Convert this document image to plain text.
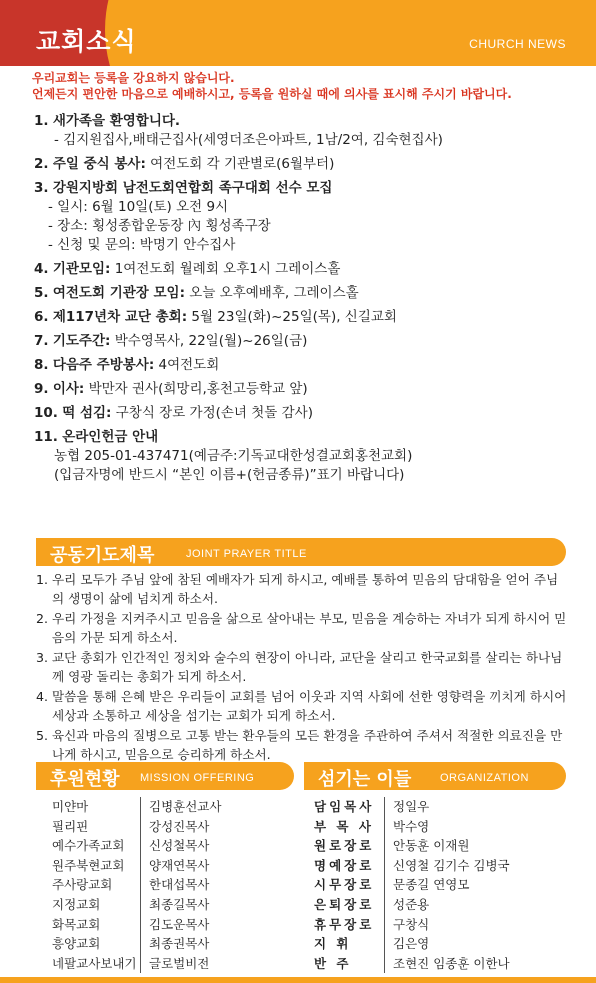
교회소식	CHURCH NEWS
우리교회는 등록을 강요하지 않습니다.
언제든지 편안한 마음으로 예배하시고, 등록을 원하실 때에 의사를 표시해 주시기 바랍니다.
1. 새가족을 환영합니다.
- 김지원집사,배태근집사(세영더조은아파트, 1남/2여, 김숙현집사)
2. 주일 중식 봉사: 여전도회 각 기관별로(6월부터)
3. 강원지방회 남전도회연합회 족구대회 선수 모집
- 일시: 6월 10일(토) 오전 9시
- 장소: 횡성종합운동장 內 횡성족구장
- 신청 및 문의: 박명기 안수집사
4. 기관모임: 1여전도회 월례회 오후1시 그레이스홀
5. 여전도회 기관장 모임: 오늘 오후예배후, 그레이스홀
6. 제117년차 교단 총회: 5월 23일(화)~25일(목), 신길교회
7. 기도주간: 박수영목사, 22일(월)~26일(금)
8. 다음주 주방봉사: 4여전도회
9. 이사: 박만자 권사(희망리,홍천고등학교 앞)
10. 떡 섬김: 구창식 장로 가정(손녀 첫돌 감사)
11. 온라인헌금 안내
농협 205-01-437471(예금주:기독교대한성결교회홍천교회)
(입금자명에 반드시 “본인 이름+(헌금종류)”표기 바랍니다)
공동기도제목	JOINT PRAYER TITLE
1. 우리 모두가 주님 앞에 참된 예배자가 되게 하시고, 예배를 통하여 믿음의 담대함을 얻어 주님의 생명이 삶에 넘치게 하소서.
2. 우리 가정을 지켜주시고 믿음을 삶으로 살아내는 부모, 믿음을 계승하는 자녀가 되게 하시어 믿음의 가문 되게 하소서.
3. 교단 총회가 인간적인 정치와 술수의 현장이 아니라, 교단을 살리고 한국교회를 살리는 하나님께 영광 돌리는 총회가 되게 하소서.
4. 말씀을 통해 은혜 받은 우리들이 교회를 넘어 이웃과 지역 사회에 선한 영향력을 끼치게 하시어 세상과 소통하고 세상을 섬기는 교회가 되게 하소서.
5. 육신과 마음의 질병으로 고통 받는 환우들의 모든 환경을 주관하여 주셔서 적절한 의료진을 만나게 하시고, 믿음으로 승리하게 하소서.
후원현황 MISSION OFFERING	섬기는 이들	ORGANIZATION
미얀마	김병훈선교사
필리핀	강성진목사
예수가족교회	신성철목사
원주북현교회	양재연목사
주사랑교회	한대섭목사
지정교회	최종길목사
화목교회	김도운목사
흥양교회	최종권목사
네팔교사보내기 글로벌비전
담임목사	정일우
부 목 사	박수영
원로장로	안동훈 이재원
명예장로	신영철 김기수 김병국
시무장로	문종길 연영모
은퇴장로	성준용
휴무장로	구창식
지 휘	김은영
반 주	조현진 임종훈 이한나
